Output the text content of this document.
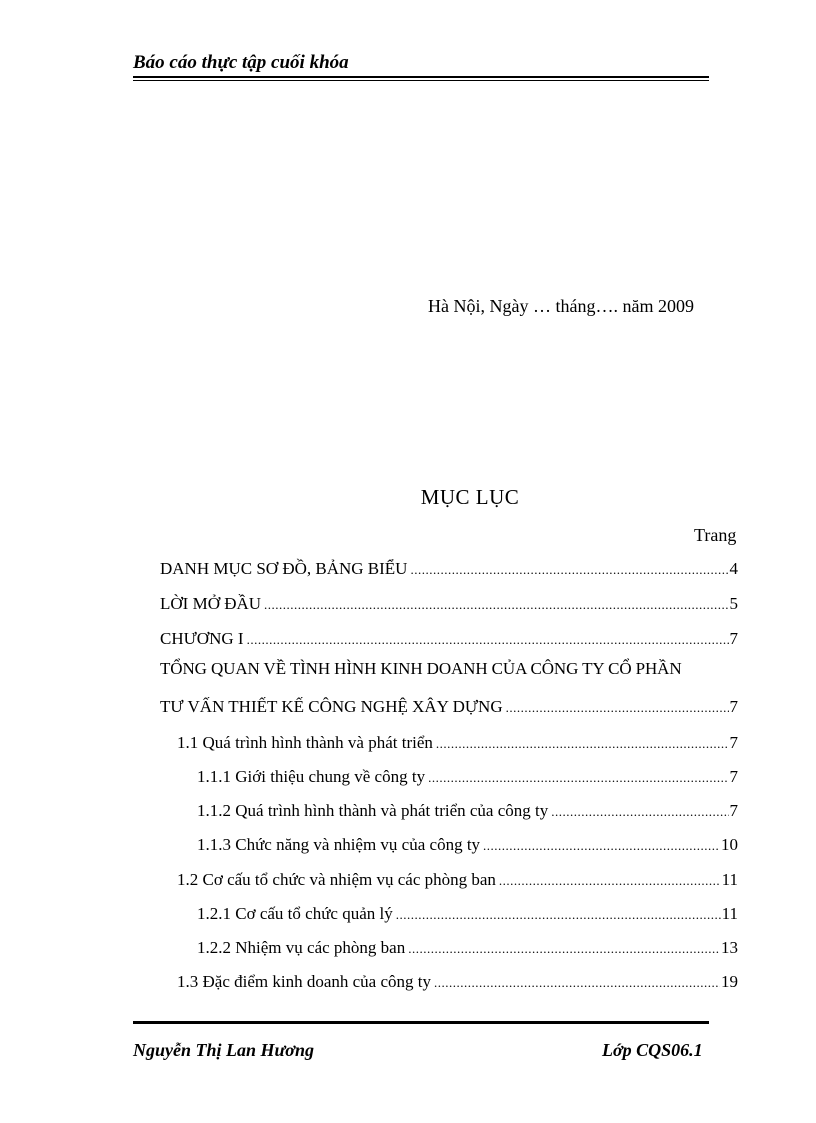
Báo cáo thực tập cuối khóa
Hà Nội, Ngày … tháng…. năm 2009
MỤC LỤC
Trang
DANH MỤC SƠ ĐỒ, BẢNG BIỂU .....	4
LỜI MỞ ĐẦU .....	5
CHƯƠNG I .....	7
TỔNG QUAN VỀ TÌNH HÌNH KINH DOANH CỦA CÔNG TY CỔ PHẦN
TƯ VẤN THIẾT KẾ CÔNG NGHỆ XÂY DỰNG .....	7
1.1 Quá trình hình thành và phát triển .....	7
1.1.1 Giới thiệu chung về công ty .....	7
1.1.2 Quá trình hình thành và phát triển của công ty .....	7
1.1.3 Chức năng và nhiệm vụ của công ty .....	10
1.2 Cơ cấu tổ chức và nhiệm vụ các phòng ban .....	11
1.2.1 Cơ cấu tổ chức quản lý .....	11
1.2.2 Nhiệm vụ các phòng ban .....	13
1.3 Đặc điểm kinh doanh của công ty .....	19
Nguyễn Thị Lan Hương	Lớp CQS06.1
